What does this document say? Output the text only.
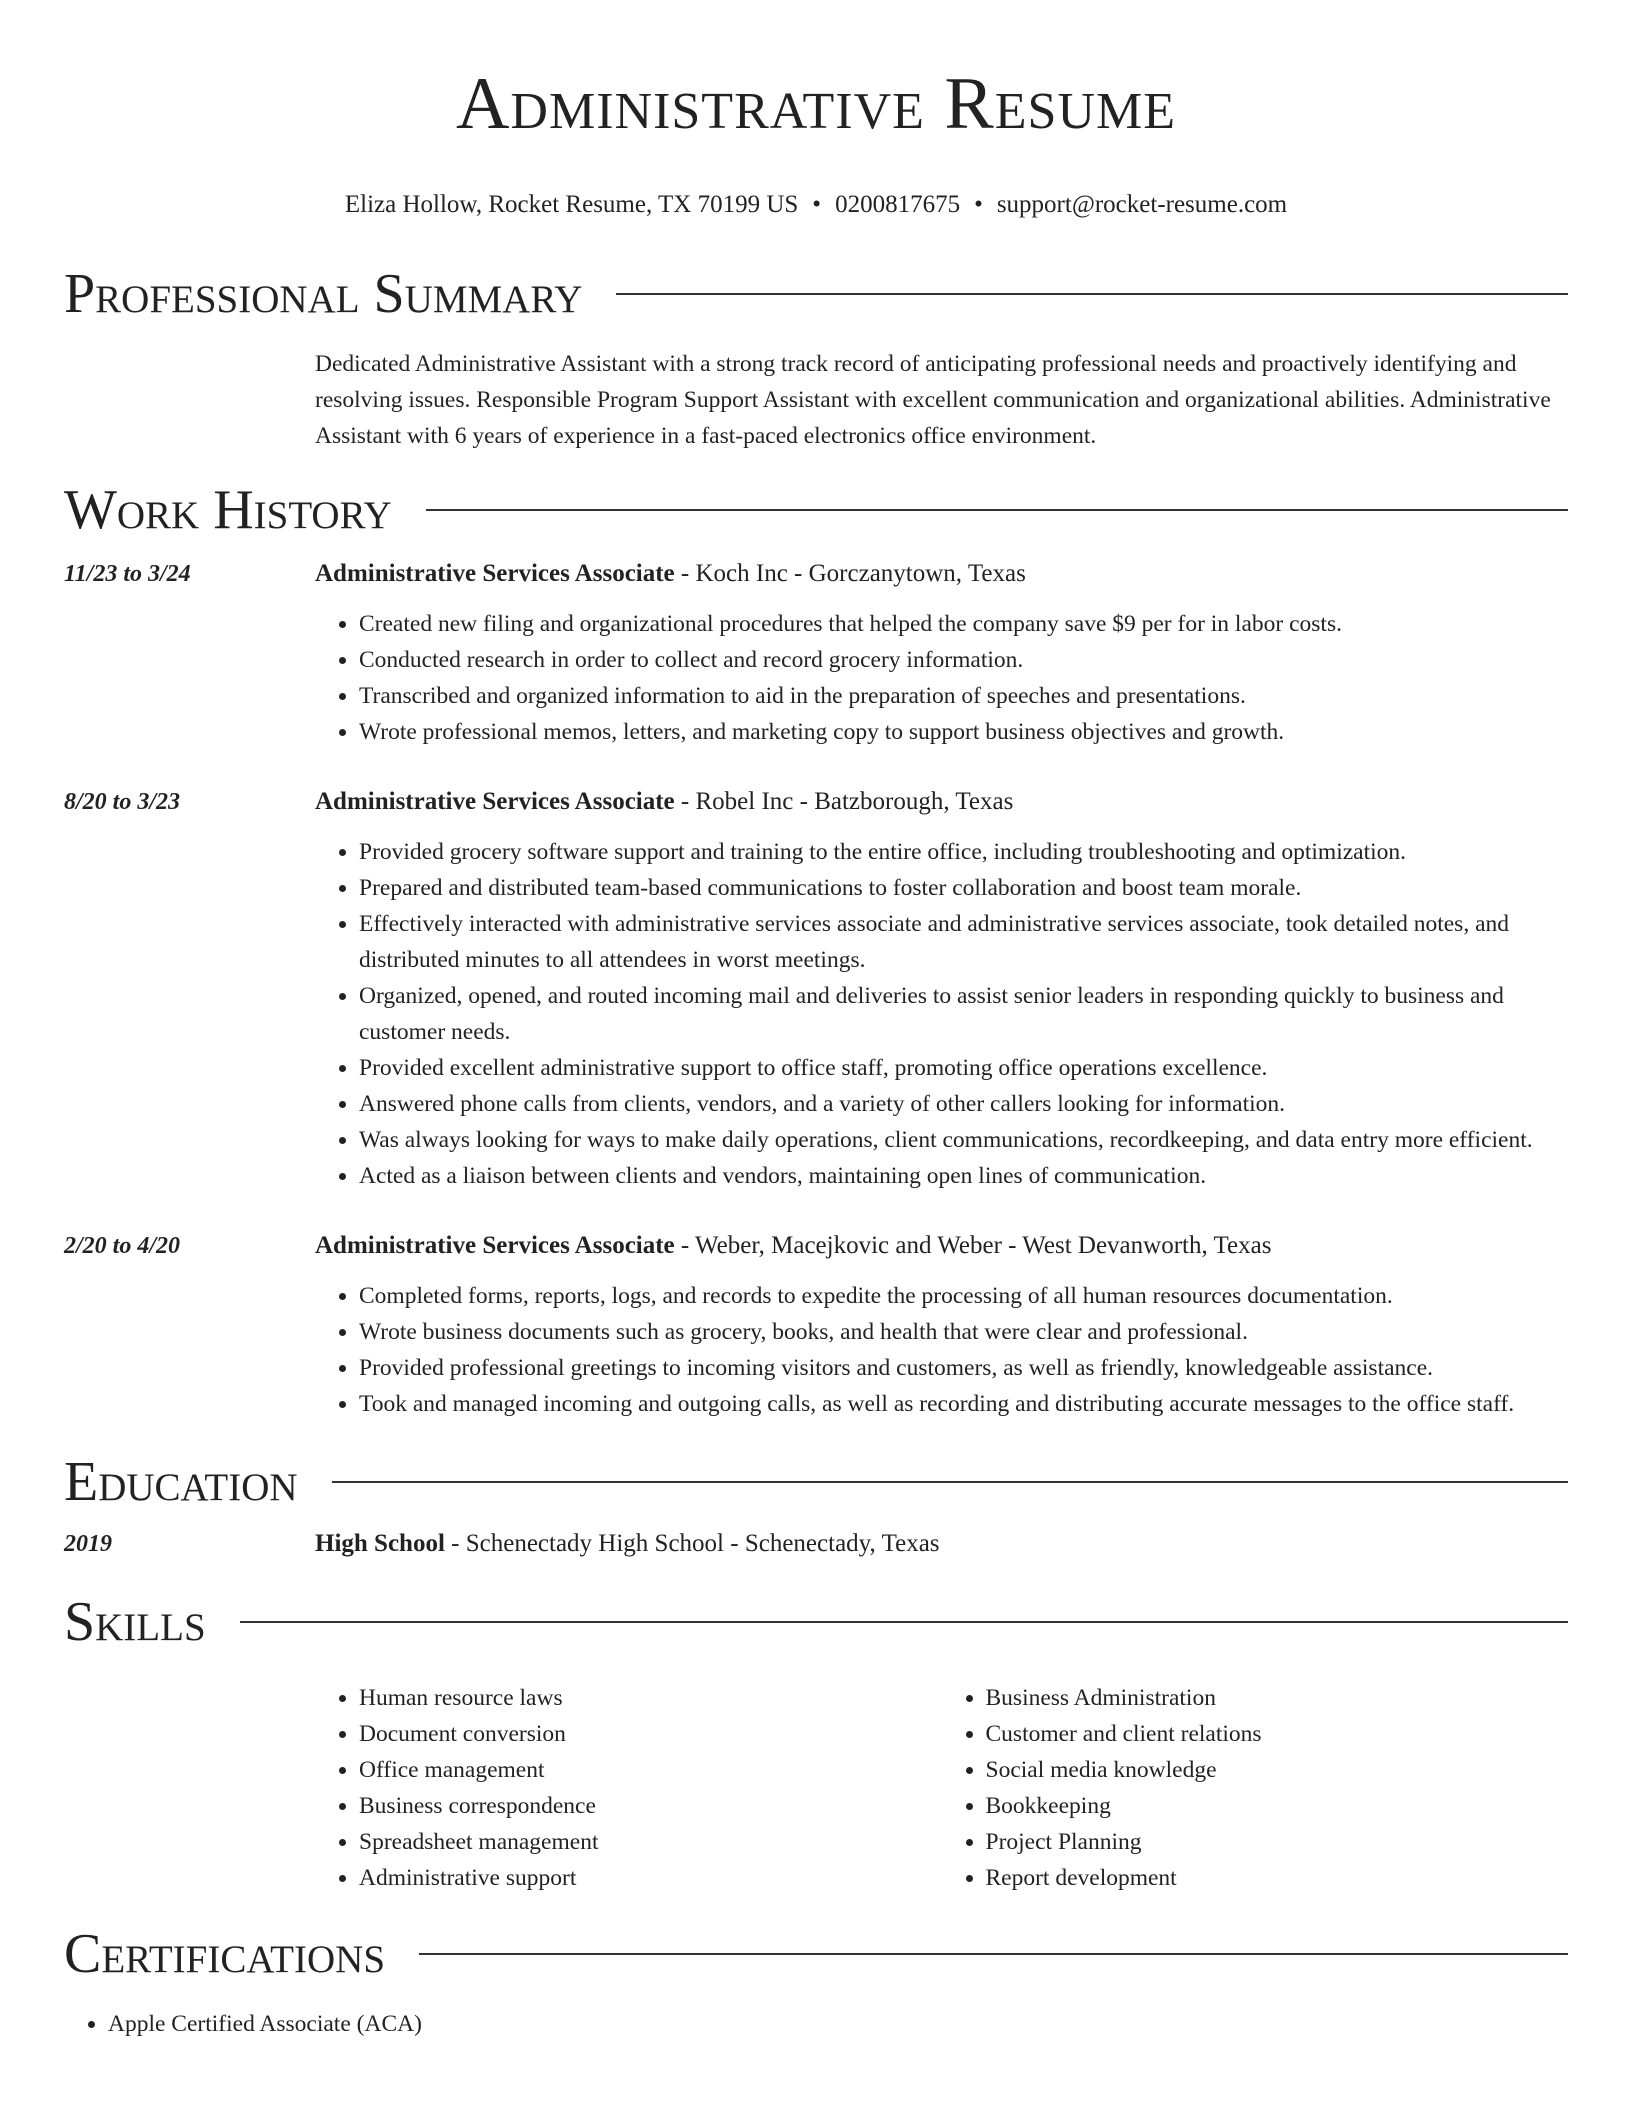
Administrative Resume
Eliza Hollow, Rocket Resume, TX 70199 US • 0200817675 • support@rocket-resume.com
Professional Summary
Dedicated Administrative Assistant with a strong track record of anticipating professional needs and proactively identifying and resolving issues. Responsible Program Support Assistant with excellent communication and organizational abilities. Administrative Assistant with 6 years of experience in a fast-paced electronics office environment.
Work History
11/23 to 3/24	Administrative Services Associate - Koch Inc - Gorczanytown, Texas
• Created new filing and organizational procedures that helped the company save $9 per for in labor costs.
• Conducted research in order to collect and record grocery information.
• Transcribed and organized information to aid in the preparation of speeches and presentations.
• Wrote professional memos, letters, and marketing copy to support business objectives and growth.
8/20 to 3/23	Administrative Services Associate - Robel Inc - Batzborough, Texas
• Provided grocery software support and training to the entire office, including troubleshooting and optimization.
• Prepared and distributed team-based communications to foster collaboration and boost team morale.
• Effectively interacted with administrative services associate and administrative services associate, took detailed notes, and distributed minutes to all attendees in worst meetings.
• Organized, opened, and routed incoming mail and deliveries to assist senior leaders in responding quickly to business and customer needs.
• Provided excellent administrative support to office staff, promoting office operations excellence.
• Answered phone calls from clients, vendors, and a variety of other callers looking for information.
• Was always looking for ways to make daily operations, client communications, recordkeeping, and data entry more efficient.
• Acted as a liaison between clients and vendors, maintaining open lines of communication.
2/20 to 4/20	Administrative Services Associate - Weber, Macejkovic and Weber - West Devanworth, Texas
• Completed forms, reports, logs, and records to expedite the processing of all human resources documentation.
• Wrote business documents such as grocery, books, and health that were clear and professional.
• Provided professional greetings to incoming visitors and customers, as well as friendly, knowledgeable assistance.
• Took and managed incoming and outgoing calls, as well as recording and distributing accurate messages to the office staff.
Education
2019	High School - Schenectady High School - Schenectady, Texas
Skills
• Human resource laws
• Document conversion
• Office management
• Business correspondence
• Spreadsheet management
• Administrative support
• Business Administration
• Customer and client relations
• Social media knowledge
• Bookkeeping
• Project Planning
• Report development
Certifications
• Apple Certified Associate (ACA)
